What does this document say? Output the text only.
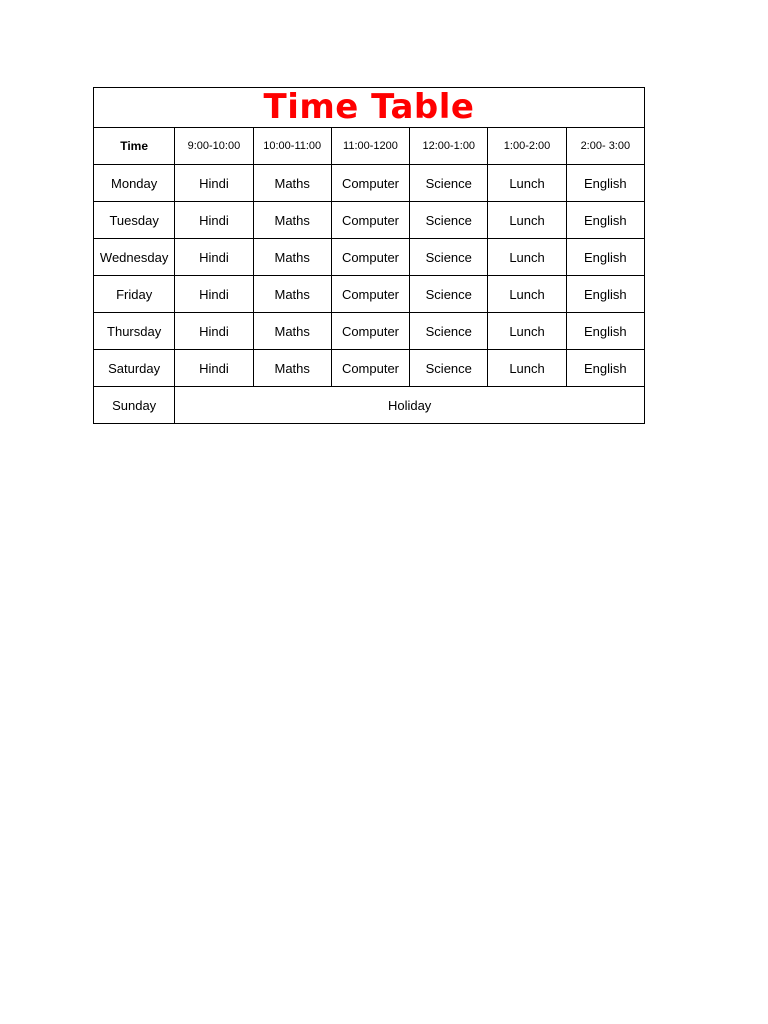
Time Table						
Time	9:00-10:00	10:00-11:00	11:00-1200	12:00-1:00	1:00-2:00	2:00- 3:00
Monday	Hindi	Maths	Computer	Science	Lunch	English
Tuesday	Hindi	Maths	Computer	Science	Lunch	English
Wednesday	Hindi	Maths	Computer	Science	Lunch	English
Friday	Hindi	Maths	Computer	Science	Lunch	English
Thursday	Hindi	Maths	Computer	Science	Lunch	English
Saturday	Hindi	Maths	Computer	Science	Lunch	English
Sunday	Holiday					
